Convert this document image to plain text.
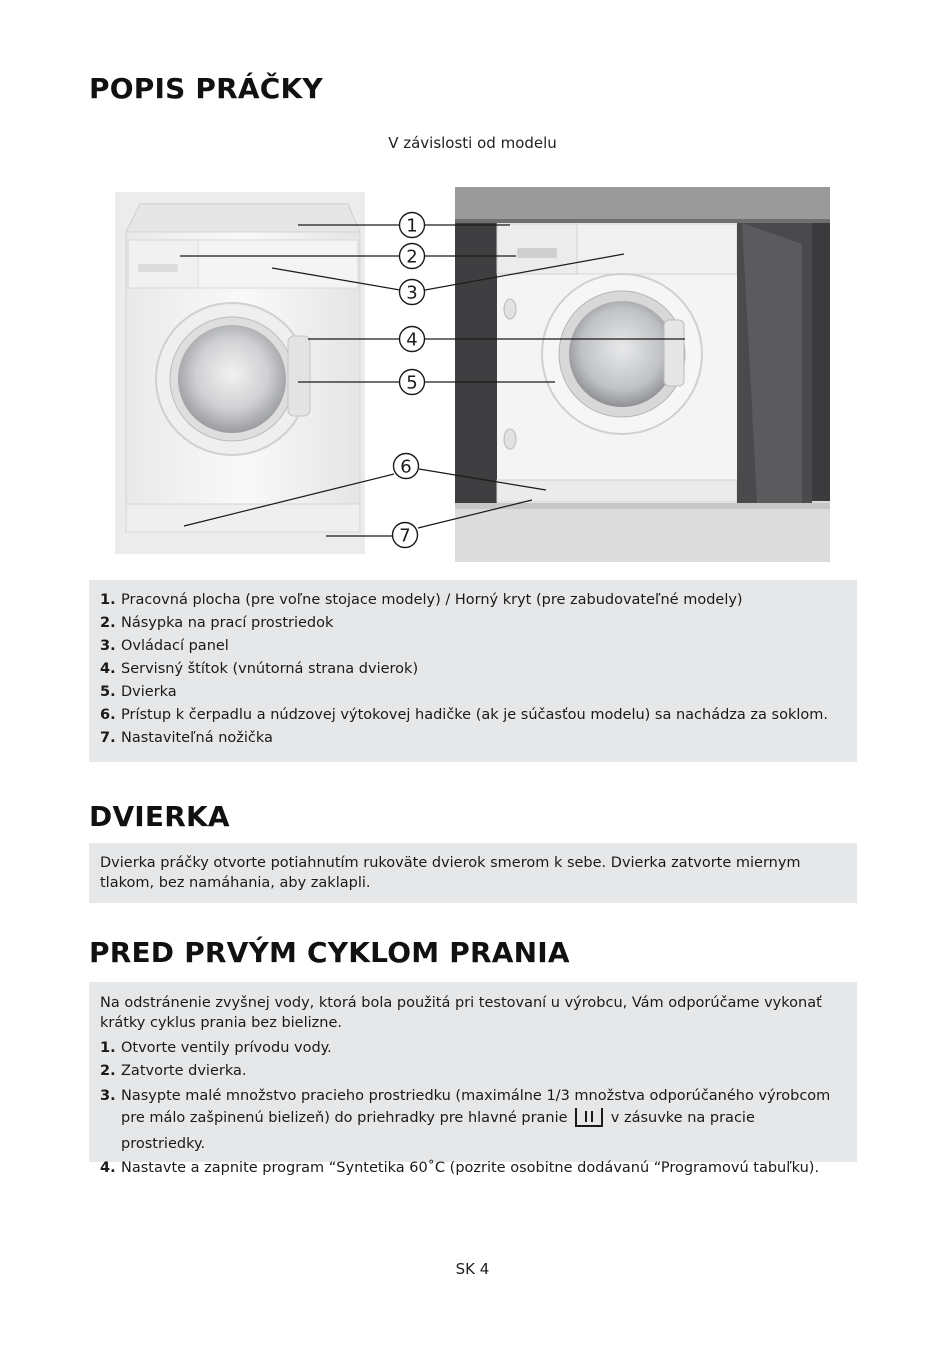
POPIS PRÁČKY
V závislosti od modelu
1
2
3
4
5
6
7
1. Pracovná plocha (pre voľne stojace modely) / Horný kryt (pre zabudovateľné modely)
2. Násypka na prací prostriedok
3. Ovládací panel
4. Servisný štítok (vnútorná strana dvierok)
5. Dvierka
6. Prístup k čerpadlu a núdzovej výtokovej hadičke (ak je súčasťou modelu) sa nachádza za soklom.
7. Nastaviteľná nožička
DVIERKA

Dvierka práčky otvorte potiahnutím rukoväte dvierok smerom k sebe. Dvierka zatvorte miernym tlakom, bez namáhania, aby zaklapli.

PRED PRVÝM CYKLOM PRANIA

Na odstránenie zvyšnej vody, ktorá bola použitá pri testovaní u výrobcu, Vám odporúčame vykonať krátky cyklus prania bez bielizne.

1. Otvorte ventily prívodu vody.
2. Zatvorte dvierka.
3. Nasypte malé množstvo pracieho prostriedku (maximálne 1/3 množstva odporúčaného výrobcom pre málo zašpinenú bielizeň) do priehradky pre hlavné pranie	v zásuvke na pracie prostriedky.
4. Nastavte a zapnite program “Syntetika 60˚C (pozrite osobitne dodávanú “Programovú tabuľku).
SK 4
